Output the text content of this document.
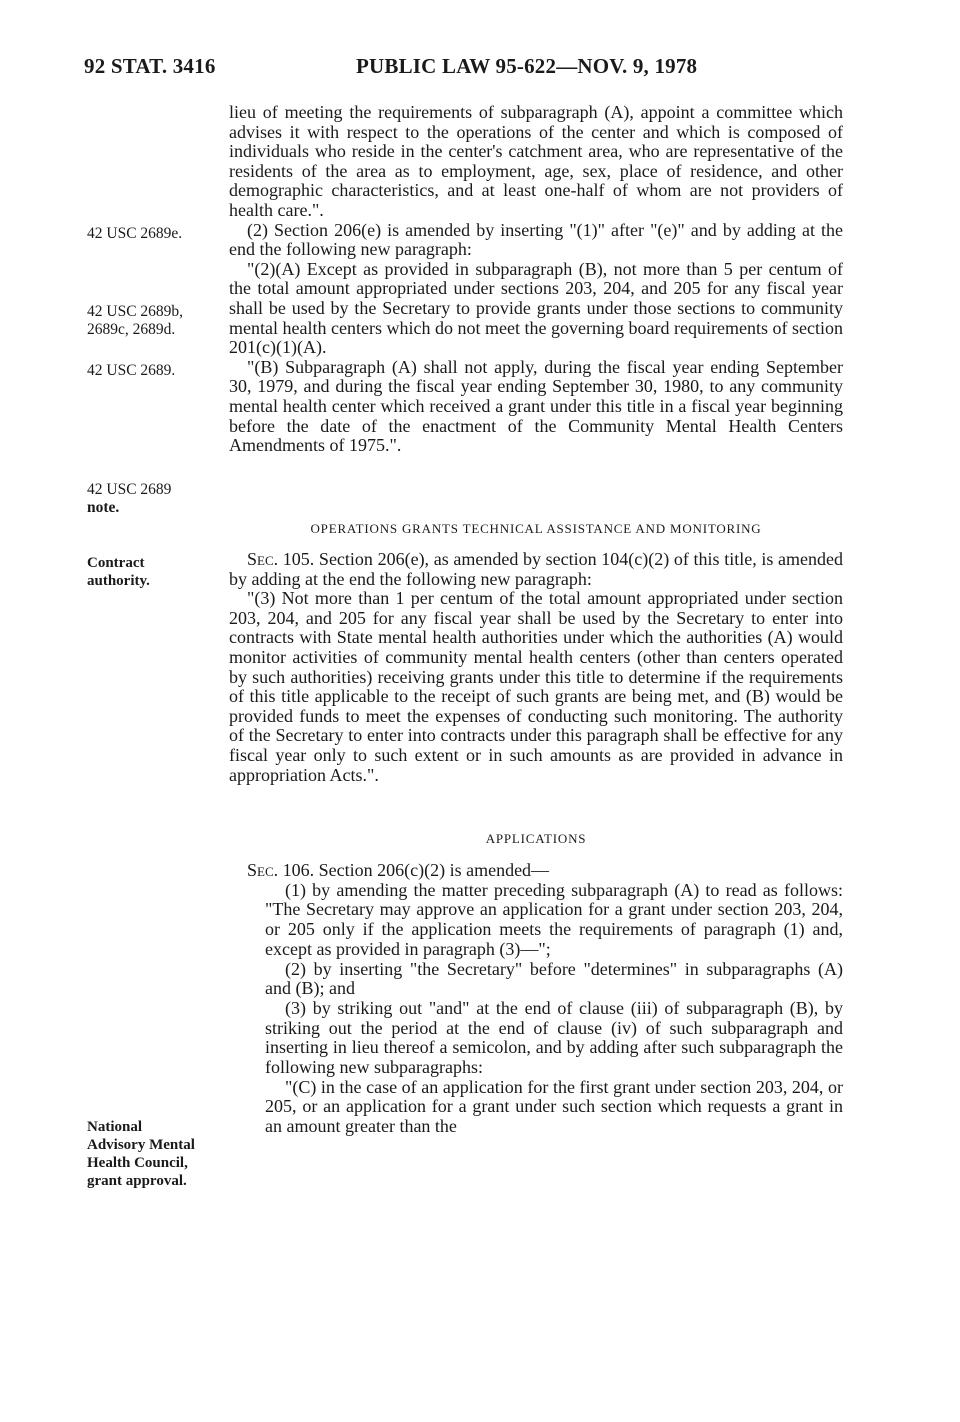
92 STAT. 3416	PUBLIC LAW 95-622—NOV. 9, 1978
42 USC 2689e.
42 USC 2689b,
2689c, 2689d.
42 USC 2689.
42 USC 2689
note.
Contract
authority.
National
Advisory Mental
Health Council,
grant approval.

lieu of meeting the requirements of subparagraph (A), appoint a committee which advises it with respect to the operations of the center and which is composed of individuals who reside in the center's catchment area, who are representative of the residents of the area as to employment, age, sex, place of residence, and other demographic characteristics, and at least one-half of whom are not providers of health care.".

(2) Section 206(e) is amended by inserting "(1)" after "(e)" and by adding at the end the following new paragraph:

"(2)(A) Except as provided in subparagraph (B), not more than 5 per centum of the total amount appropriated under sections 203, 204, and 205 for any fiscal year shall be used by the Secretary to provide grants under those sections to community mental health centers which do not meet the governing board requirements of section 201(c)(1)(A).

"(B) Subparagraph (A) shall not apply, during the fiscal year ending September 30, 1979, and during the fiscal year ending September 30, 1980, to any community mental health center which received a grant under this title in a fiscal year beginning before the date of the enactment of the Community Mental Health Centers Amendments of 1975.".

OPERATIONS GRANTS TECHNICAL ASSISTANCE AND MONITORING

Sec. 105. Section 206(e), as amended by section 104(c)(2) of this title, is amended by adding at the end the following new paragraph:

"(3) Not more than 1 per centum of the total amount appropriated under section 203, 204, and 205 for any fiscal year shall be used by the Secretary to enter into contracts with State mental health authorities under which the authorities (A) would monitor activities of community mental health centers (other than centers operated by such authorities) receiving grants under this title to determine if the requirements of this title applicable to the receipt of such grants are being met, and (B) would be provided funds to meet the expenses of conducting such monitoring. The authority of the Secretary to enter into contracts under this paragraph shall be effective for any fiscal year only to such extent or in such amounts as are provided in advance in appropriation Acts.".

APPLICATIONS

Sec. 106. Section 206(c)(2) is amended—

(1) by amending the matter preceding subparagraph (A) to read as follows: "The Secretary may approve an application for a grant under section 203, 204, or 205 only if the application meets the requirements of paragraph (1) and, except as provided in paragraph (3)—";

(2) by inserting "the Secretary" before "determines" in subparagraphs (A) and (B); and

(3) by striking out "and" at the end of clause (iii) of subparagraph (B), by striking out the period at the end of clause (iv) of such subparagraph and inserting in lieu thereof a semicolon, and by adding after such subparagraph the following new subparagraphs:

"(C) in the case of an application for the first grant under section 203, 204, or 205, or an application for a grant under such section which requests a grant in an amount greater than the
